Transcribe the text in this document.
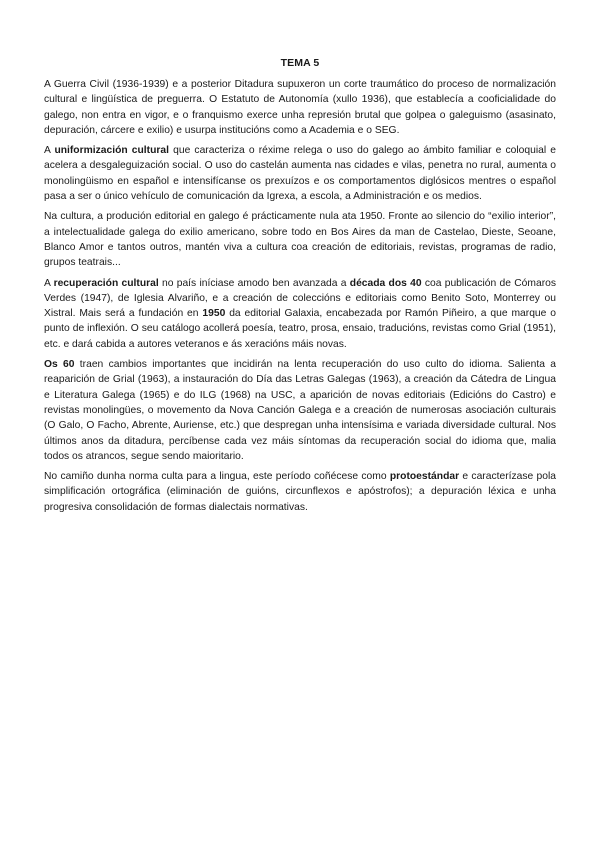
TEMA 5

A Guerra Civil (1936-1939) e a posterior Ditadura supuxeron un corte traumático do proceso de normalización cultural e lingüística de preguerra. O Estatuto de Autonomía (xullo 1936), que establecía a cooficialidade do galego, non entra en vigor, e o franquismo exerce unha represión brutal que golpea o galeguismo (asasinato, depuración, cárcere e exilio) e usurpa institucións como a Academia e o SEG.

A uniformización cultural que caracteriza o réxime relega o uso do galego ao ámbito familiar e coloquial e acelera a desgaleguización social. O uso do castelán aumenta nas cidades e vilas, penetra no rural, aumenta o monolingüismo en español e intensifícanse os prexuízos e os comportamentos diglósicos mentres o español pasa a ser o único vehículo de comunicación da Igrexa, a escola, a Administración e os medios.

Na cultura, a produción editorial en galego é prácticamente nula ata 1950. Fronte ao silencio do “exilio interior”, a intelectualidade galega do exilio americano, sobre todo en Bos Aires da man de Castelao, Dieste, Seoane, Blanco Amor e tantos outros, mantén viva a cultura coa creación de editoriais, revistas, programas de radio, grupos teatrais...

A recuperación cultural no país iníciase amodo ben avanzada a década dos 40 coa publicación de Cómaros Verdes (1947), de Iglesia Alvariño, e a creación de coleccións e editoriais como Benito Soto, Monterrey ou Xistral. Mais será a fundación en 1950 da editorial Galaxia, encabezada por Ramón Piñeiro, a que marque o punto de inflexión. O seu catálogo acollerá poesía, teatro, prosa, ensaio, traducións, revistas como Grial (1951), etc. e dará cabida a autores veteranos e ás xeracións máis novas.

Os 60 traen cambios importantes que incidirán na lenta recuperación do uso culto do idioma. Salienta a reaparición de Grial (1963), a instauración do Día das Letras Galegas (1963), a creación da Cátedra de Lingua e Literatura Galega (1965) e do ILG (1968) na USC, a aparición de novas editoriais (Edicións do Castro) e revistas monolingües, o movemento da Nova Canción Galega e a creación de numerosas asociación culturais (O Galo, O Facho, Abrente, Auriense, etc.) que despregan unha intensísima e variada diversidade cultural. Nos últimos anos da ditadura, percíbense cada vez máis síntomas da recuperación social do idioma que, malia todos os atrancos, segue sendo maioritario.

No camiño dunha norma culta para a lingua, este período coñécese como protoestándar e caracterízase pola simplificación ortográfica (eliminación de guións, circunflexos e apóstrofos); a depuración léxica e unha progresiva consolidación de formas dialectais normativas.
